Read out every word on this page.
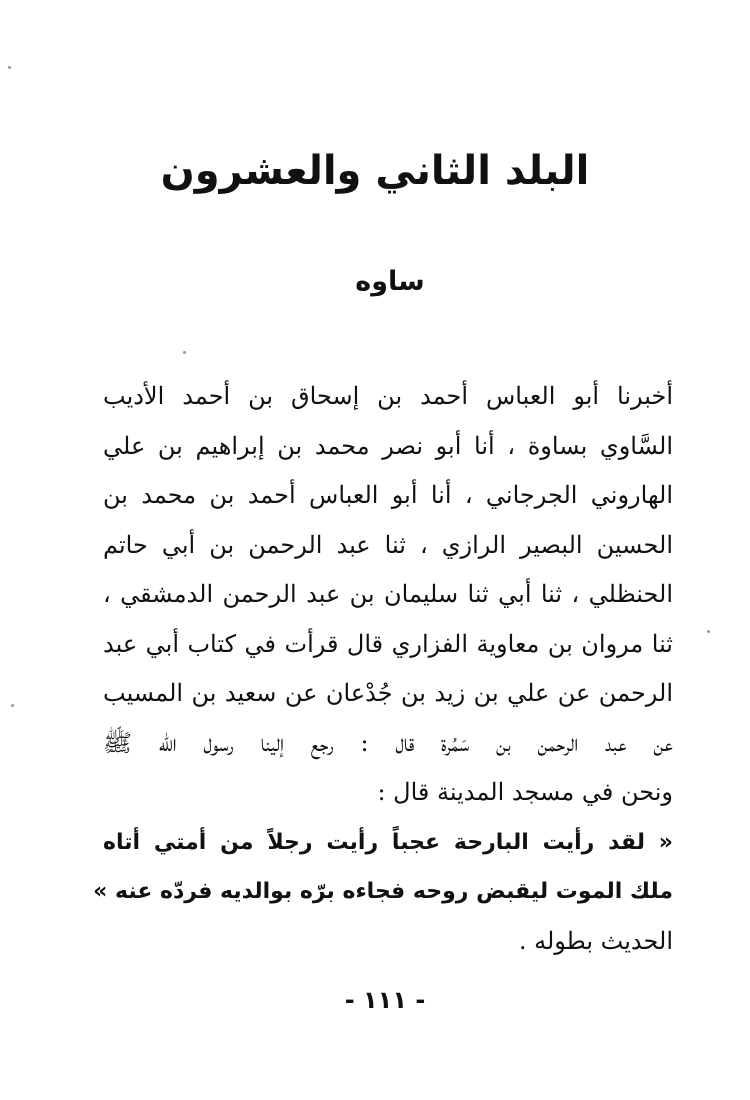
البلد الثاني والعشرون
ساوه
أخبرنا أبو العباس أحمد بن إسحاق بن أحمد الأديب
السَّاوي بساوة ، أنا أبو نصر محمد بن إبراهيم بن علي
الهاروني الجرجاني ، أنا أبو العباس أحمد بن محمد بن
الحسين البصير الرازي ، ثنا عبد الرحمن بن أبي حاتم
الحنظلي ، ثنا أبي ثنا سليمان بن عبد الرحمن الدمشقي ،
ثنا مروان بن معاوية الفزاري قال قرأت في كتاب أبي عبد
الرحمن عن علي بن زيد بن جُدْعان عن سعيد بن المسيب
عن عبد الرحمن بن سَمُرة قال : رجع إلينا رسول الله ﷺ
ونحن في مسجد المدينة قال :
« لقد رأيت البارحة عجباً رأيت رجلاً من أمتي أتاه
ملك الموت ليقبض روحه فجاءه برّه بوالديه فردّه عنه »
الحديث بطوله .
- ١١١ -
